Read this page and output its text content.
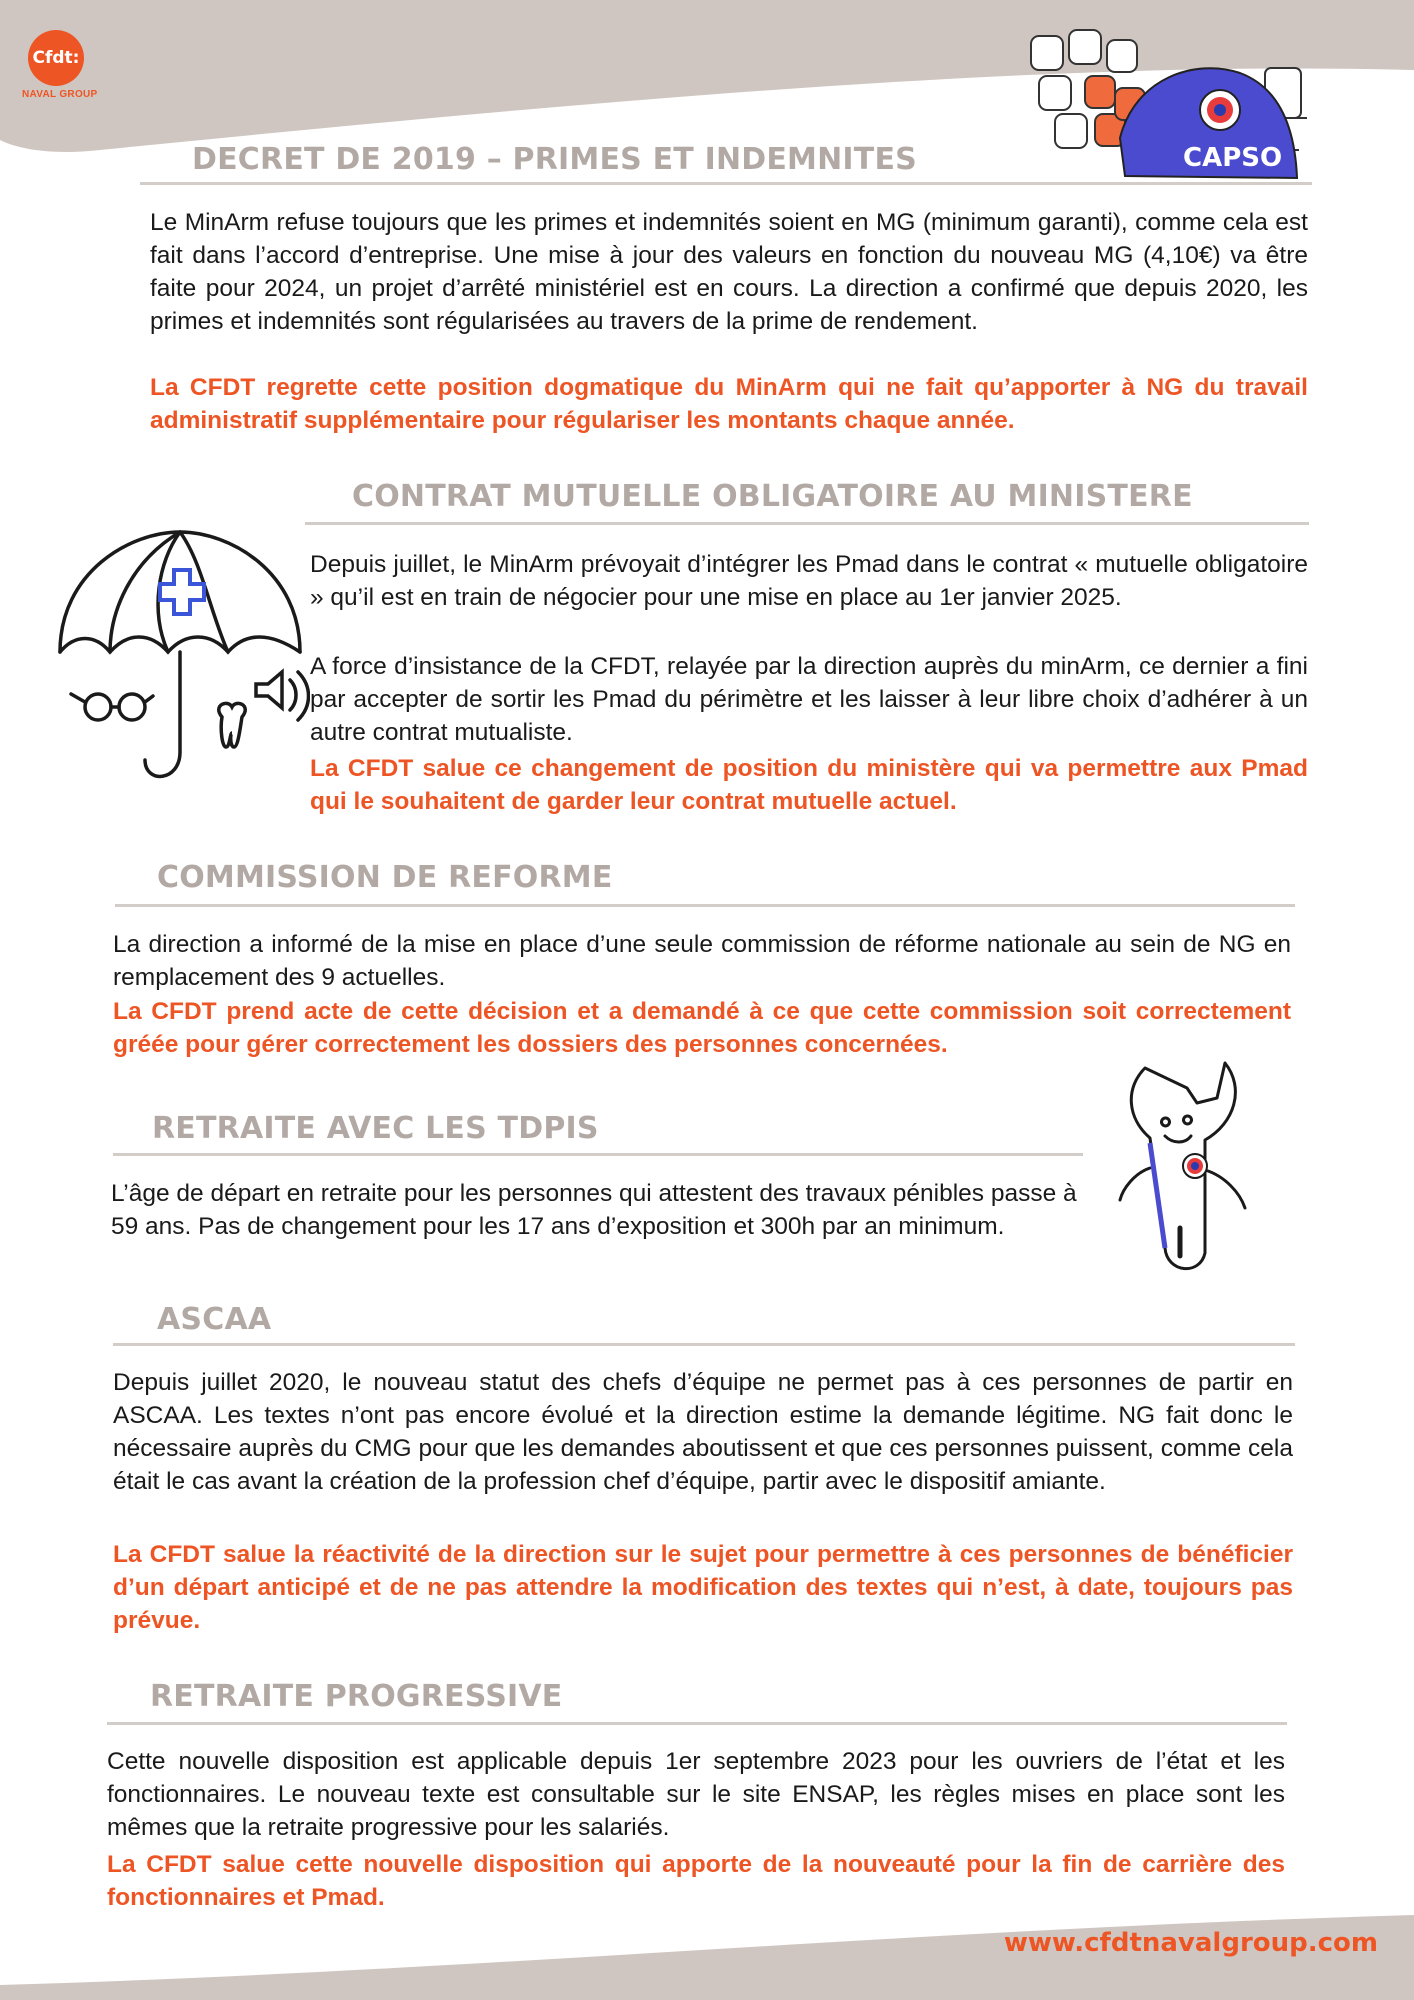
Cfdt:
NAVAL GROUP
CAPSO
DECRET DE 2019 – PRIMES ET INDEMNITES

Le MinArm refuse toujours que les primes et indemnités soient en MG (minimum garanti), comme cela est fait dans l’accord d’entreprise. Une mise à jour des valeurs en fonction du nouveau MG (4,10€) va être faite pour 2024, un projet d’arrêté ministériel est en cours. La direction a confirmé que depuis 2020, les primes et indemnités sont régularisées au travers de la prime de rendement.

La CFDT regrette cette position dogmatique du MinArm qui ne fait qu’apporter à NG du travail administratif supplémentaire pour régulariser les montants chaque année.

CONTRAT MUTUELLE OBLIGATOIRE AU MINISTERE

Depuis juillet, le MinArm prévoyait d’intégrer les Pmad dans le contrat « mutuelle obligatoire » qu’il est en train de négocier pour une mise en place au 1er janvier 2025.

A force d’insistance de la CFDT, relayée par la direction auprès du minArm, ce dernier a fini par accepter de sortir les Pmad du périmètre et les laisser à leur libre choix d’adhérer à un autre contrat mutualiste.

La CFDT salue ce changement de position du ministère qui va permettre aux Pmad qui le souhaitent de garder leur contrat mutuelle actuel.

COMMISSION DE REFORME

La direction a informé de la mise en place d’une seule commission de réforme nationale au sein de NG en remplacement des 9 actuelles.

La CFDT prend acte de cette décision et a demandé à ce que cette commission soit correctement gréée pour gérer correctement les dossiers des personnes concernées.

RETRAITE AVEC LES TDPIS

L’âge de départ en retraite pour les personnes qui attestent des travaux pénibles passe à 59 ans. Pas de changement pour les 17 ans d’exposition et 300h par an minimum.

ASCAA

Depuis juillet 2020, le nouveau statut des chefs d’équipe ne permet pas à ces personnes de partir en ASCAA. Les textes n’ont pas encore évolué et la direction estime la demande légitime. NG fait donc le nécessaire auprès du CMG pour que les demandes aboutissent et que ces personnes puissent, comme cela était le cas avant la création de la profession chef d’équipe, partir avec le dispositif amiante.

La CFDT salue la réactivité de la direction sur le sujet pour permettre à ces personnes de bénéficier d’un départ anticipé et de ne pas attendre la modification des textes qui n’est, à date, toujours pas prévue.

RETRAITE PROGRESSIVE

Cette nouvelle disposition est applicable depuis 1er septembre 2023 pour les ouvriers de l’état et les fonctionnaires. Le nouveau texte est consultable sur le site ENSAP, les règles mises en place sont les mêmes que la retraite progressive pour les salariés.

La CFDT salue cette nouvelle disposition qui apporte de la nouveauté pour la fin de carrière des fonctionnaires et Pmad.

www.cfdtnavalgroup.com
